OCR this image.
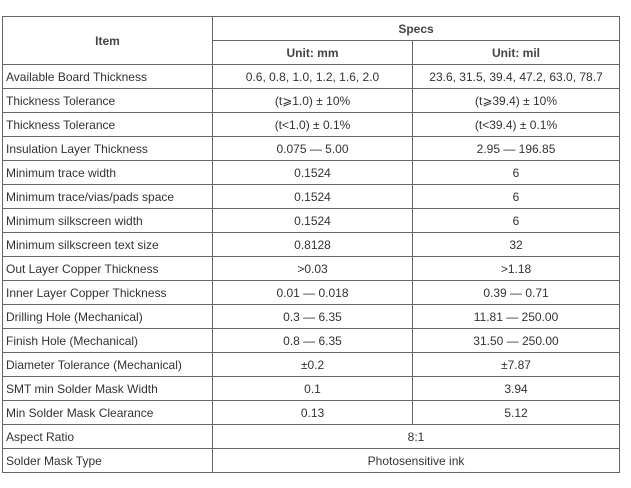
Item	Specs	
	Unit: mm	Unit: mil
Available Board Thickness	0.6, 0.8, 1.0, 1.2, 1.6, 2.0	23.6, 31.5, 39.4, 47.2, 63.0, 78.7
Thickness Tolerance	(t⩾1.0) ± 10%	(t⩾39.4) ± 10%
Thickness Tolerance	(t<1.0) ± 0.1%	(t<39.4) ± 0.1%
Insulation Layer Thickness	0.075 — 5.00	2.95 — 196.85
Minimum trace width	0.1524	6
Minimum trace/vias/pads space	0.1524	6
Minimum silkscreen width	0.1524	6
Minimum silkscreen text size	0.8128	32
Out Layer Copper Thickness	>0.03	>1.18
Inner Layer Copper Thickness	0.01 — 0.018	0.39 — 0.71
Drilling Hole (Mechanical)	0.3 — 6.35	11.81 — 250.00
Finish Hole (Mechanical)	0.8 — 6.35	31.50 — 250.00
Diameter Tolerance (Mechanical)	±0.2	±7.87
SMT min Solder Mask Width	0.1	3.94
Min Solder Mask Clearance	0.13	5.12
Aspect Ratio	8:1	
Solder Mask Type	Photosensitive ink	
